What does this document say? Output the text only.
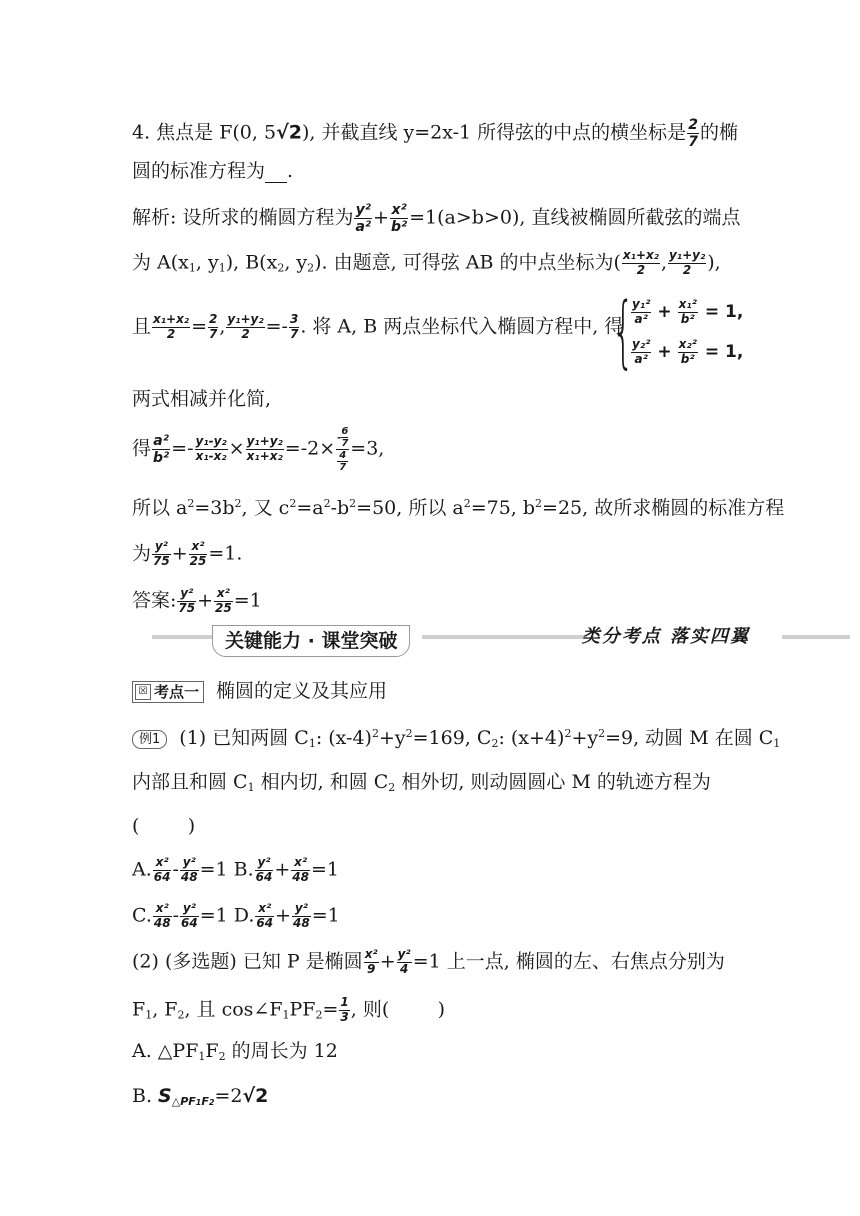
4. 焦点是 F(0, 5√2), 并截直线 y=2x-1 所得弦的中点的横坐标是 $\frac{2}{7}$ 的椭
圆的标准方程为 .
解析: 设所求的椭圆方程为 $\frac{\text{y²}}{\text{a²}} + \frac{\text{x²}}{\text{b²}} =1(a>b>0)$, 直线被椭圆所截弦的端点
为 $A(x_1$, $y_1$), $B(x_2$, $y_2$). 由题意, 可得弦 AB 的中点坐标为( $\frac{\text{x₁+x₂}}{2}$ , $\frac{\text{y₁+y₂}}{2}$ ),
且 $\frac{\text{x₁+x₂}}{2} = \frac{2}{7}$ , $\frac{\text{y₁+y₂}}{2} =- \frac{3}{7}$ . 将 A, B 两点坐标代入椭圆方程中, 得
{
$\frac{\text{y₁²}}{\text{a²}} + \frac{\text{x₁²}}{\text{b²}} = 1$,
$\frac{\text{y₂²}}{\text{a²}} + \frac{\text{x₂²}}{\text{b²}} = 1$,
两式相减并化简,
得 $\frac{\text{a²}}{\text{b²}} =- \frac{\text{y₁-y₂}}{\text{x₁-x₂}} \times \frac{\text{y₁+y₂}}{\text{x₁+x₂}} =-2\times - \frac{6}{7}$
4
7 =3,
所以 $a^2=3b^2$, 又 $c^2=a^2-b^2=50$, 所以 $a^2=75$, $b^2=25$, 故所求椭圆的标准方程
为 $\frac{\text{y²}}{75} + \frac{\text{x²}}{25} =1$.
答案: $\frac{\text{y²}}{75} + \frac{\text{x²}}{25} =1$
关键能力 · 课堂突破	类分考点 落实四翼
☒ 考点一 椭圆的定义及其应用
例1 (1) 已知两圆 $C_1$: $(x-4)^2+y^2=169$, $C_2$: $(x+4)^2+y^2=9$, 动圆 M 在圆 $C_1$
内部且和圆 $C_1$ 相内切, 和圆 $C_2$ 相外切, 则动圆圆心 M 的轨迹方程为
(        )
A. $\frac{\text{x²}}{64} - \frac{\text{y²}}{48} =1$ B. $\frac{\text{y²}}{64} + \frac{\text{x²}}{48} =1$
C. $\frac{\text{x²}}{48} - \frac{\text{y²}}{64} =1$ D. $\frac{\text{x²}}{64} + \frac{\text{y²}}{48} =1$
(2) (多选题) 已知 P 是椭圆 $\frac{\text{x²}}{9} + \frac{\text{y²}}{4} =1$ 上一点, 椭圆的左、右焦点分别为
$F_1$, $F_2$, 且 $\cos\angle F_1PF_2= \frac{1}{3}$ , 则(        )
A. $\triangle PF_1F_2$ 的周长为 12
B. $S_{\triangle PF1F2}=2√2$
